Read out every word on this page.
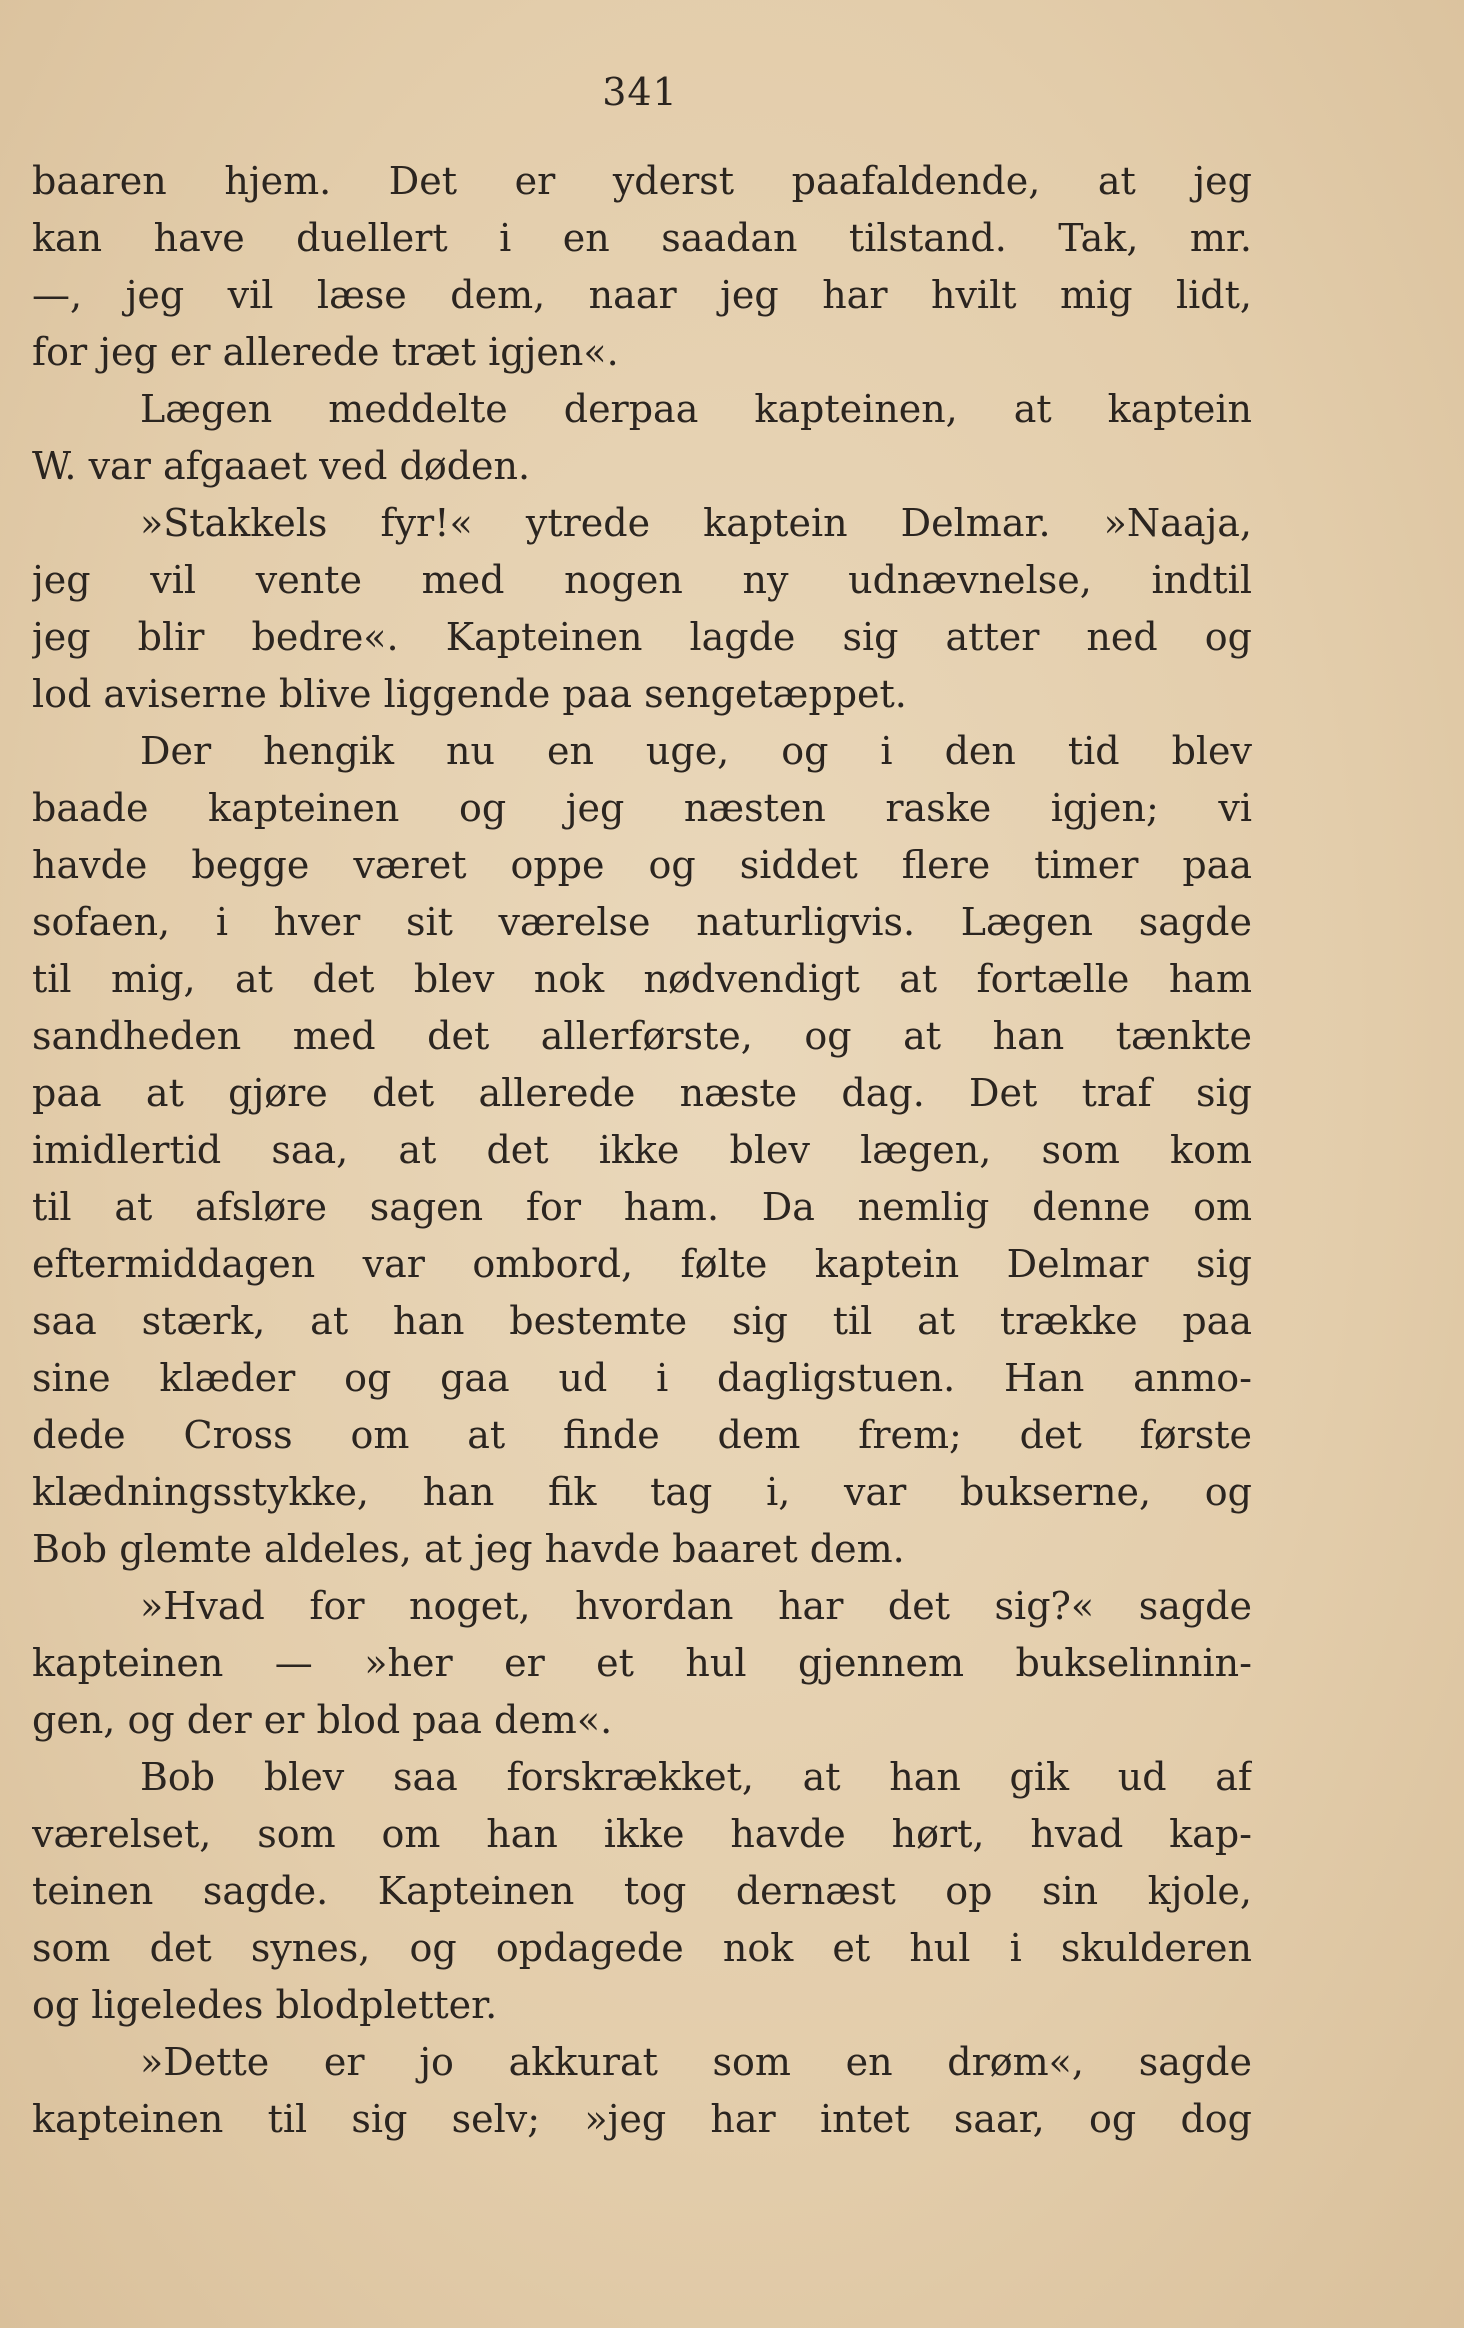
341
baaren hjem. Det er yderst paafaldende, at jeg
kan have duellert i en saadan tilstand. Tak, mr.
—, jeg vil læse dem, naar jeg har hvilt mig lidt,
for jeg er allerede træt igjen«.
Lægen meddelte derpaa kapteinen, at kaptein
W. var afgaaet ved døden.
»Stakkels fyr!« ytrede kaptein Delmar. »Naaja,
jeg vil vente med nogen ny udnævnelse, indtil
jeg blir bedre«. Kapteinen lagde sig atter ned og
lod aviserne blive liggende paa sengetæppet.
Der hengik nu en uge, og i den tid blev
baade kapteinen og jeg næsten raske igjen; vi
havde begge været oppe og siddet flere timer paa
sofaen, i hver sit værelse naturligvis. Lægen sagde
til mig, at det blev nok nødvendigt at fortælle ham
sandheden med det allerførste, og at han tænkte
paa at gjøre det allerede næste dag. Det traf sig
imidlertid saa, at det ikke blev lægen, som kom
til at afsløre sagen for ham. Da nemlig denne om
eftermiddagen var ombord, følte kaptein Delmar sig
saa stærk, at han bestemte sig til at trække paa
sine klæder og gaa ud i dagligstuen. Han anmo-
dede Cross om at finde dem frem; det første
klædningsstykke, han fik tag i, var bukserne, og
Bob glemte aldeles, at jeg havde baaret dem.
»Hvad for noget, hvordan har det sig?« sagde
kapteinen — »her er et hul gjennem bukselinnin-
gen, og der er blod paa dem«.
Bob blev saa forskrækket, at han gik ud af
værelset, som om han ikke havde hørt, hvad kap-
teinen sagde. Kapteinen tog dernæst op sin kjole,
som det synes, og opdagede nok et hul i skulderen
og ligeledes blodpletter.
»Dette er jo akkurat som en drøm«, sagde
kapteinen til sig selv; »jeg har intet saar, og dog
